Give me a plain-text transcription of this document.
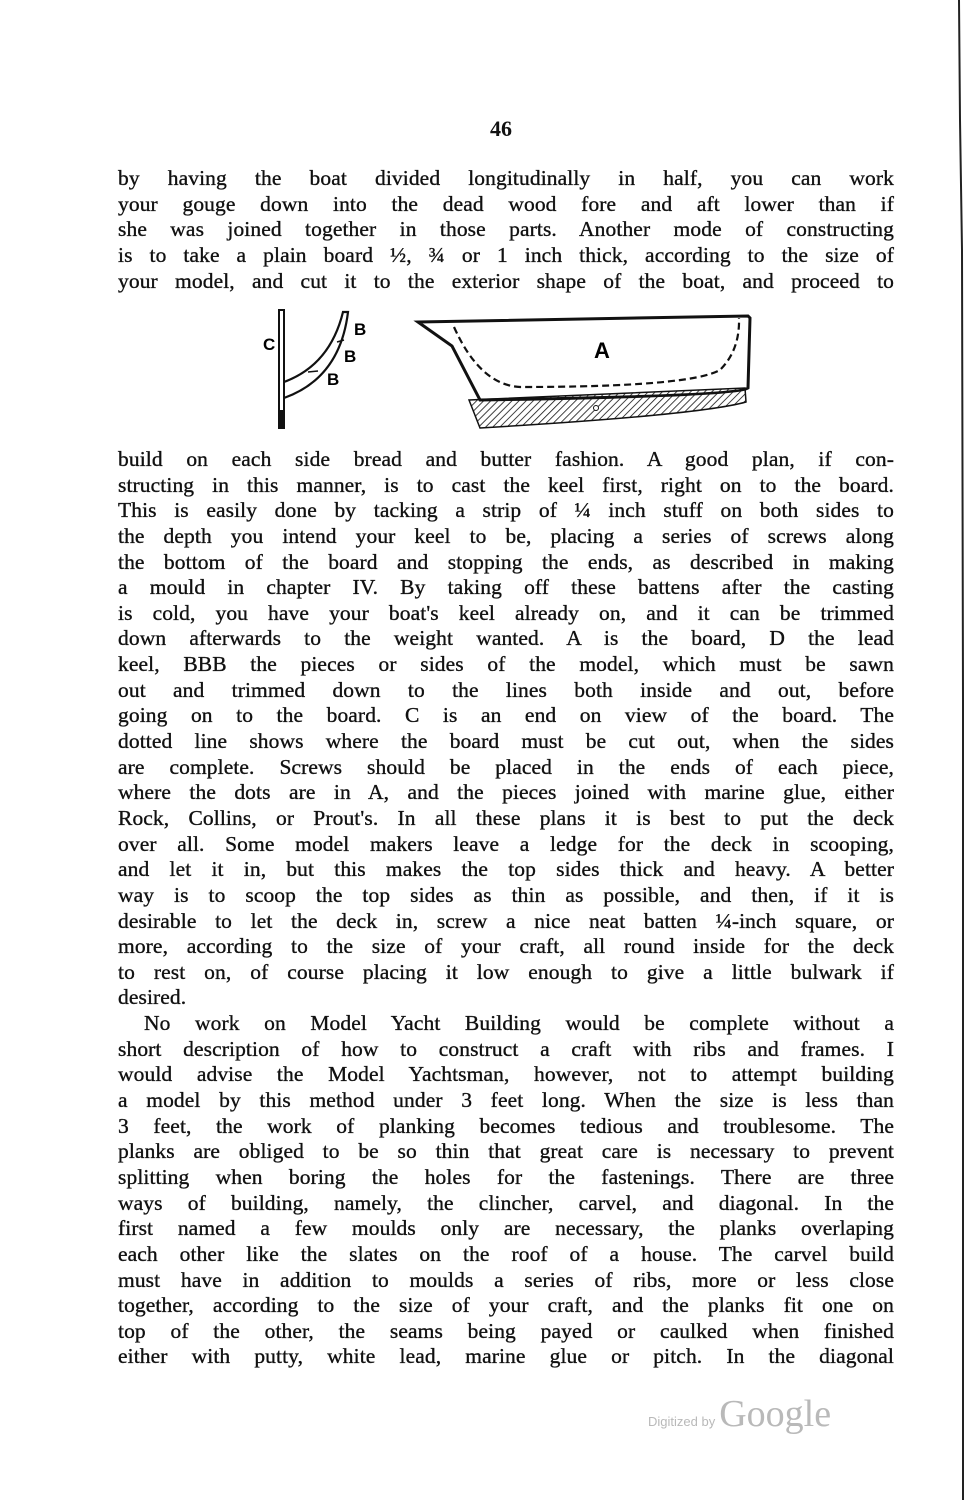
46
by having the boat divided longitudinally in half, you can work
your gouge down into the dead wood fore and aft lower than if
she was joined together in those parts. Another mode of constructing
is to take a plain board ½, ¾ or 1 inch thick, according to the size of
your model, and cut it to the exterior shape of the boat, and proceed to
C
B
B
B
A
build on each side bread and butter fashion. A good plan, if con-
structing in this manner, is to cast the keel first, right on to the board.
This is easily done by tacking a strip of ¼ inch stuff on both sides to
the depth you intend your keel to be, placing a series of screws along
the bottom of the board and stopping the ends, as described in making
a mould in chapter IV. By taking off these battens after the casting
is cold, you have your boat's keel already on, and it can be trimmed
down afterwards to the weight wanted. A is the board, D the lead
keel, BBB the pieces or sides of the model, which must be sawn
out and trimmed down to the lines both inside and out, before
going on to the board. C is an end on view of the board. The
dotted line shows where the board must be cut out, when the sides
are complete. Screws should be placed in the ends of each piece,
where the dots are in A, and the pieces joined with marine glue, either
Rock, Collins, or Prout's. In all these plans it is best to put the deck
over all. Some model makers leave a ledge for the deck in scooping,
and let it in, but this makes the top sides thick and heavy. A better
way is to scoop the top sides as thin as possible, and then, if it is
desirable to let the deck in, screw a nice neat batten ¼-inch square, or
more, according to the size of your craft, all round inside for the deck
to rest on, of course placing it low enough to give a little bulwark if
desired.
No work on Model Yacht Building would be complete without a
short description of how to construct a craft with ribs and frames. I
would advise the Model Yachtsman, however, not to attempt building
a model by this method under 3 feet long. When the size is less than
3 feet, the work of planking becomes tedious and troublesome. The
planks are obliged to be so thin that great care is necessary to prevent
splitting when boring the holes for the fastenings. There are three
ways of building, namely, the clincher, carvel, and diagonal. In the
first named a few moulds only are necessary, the planks overlaping
each other like the slates on the roof of a house. The carvel build
must have in addition to moulds a series of ribs, more or less close
together, according to the size of your craft, and the planks fit one on
top of the other, the seams being payed or caulked when finished
either with putty, white lead, marine glue or pitch. In the diagonal
Digitized by Google
